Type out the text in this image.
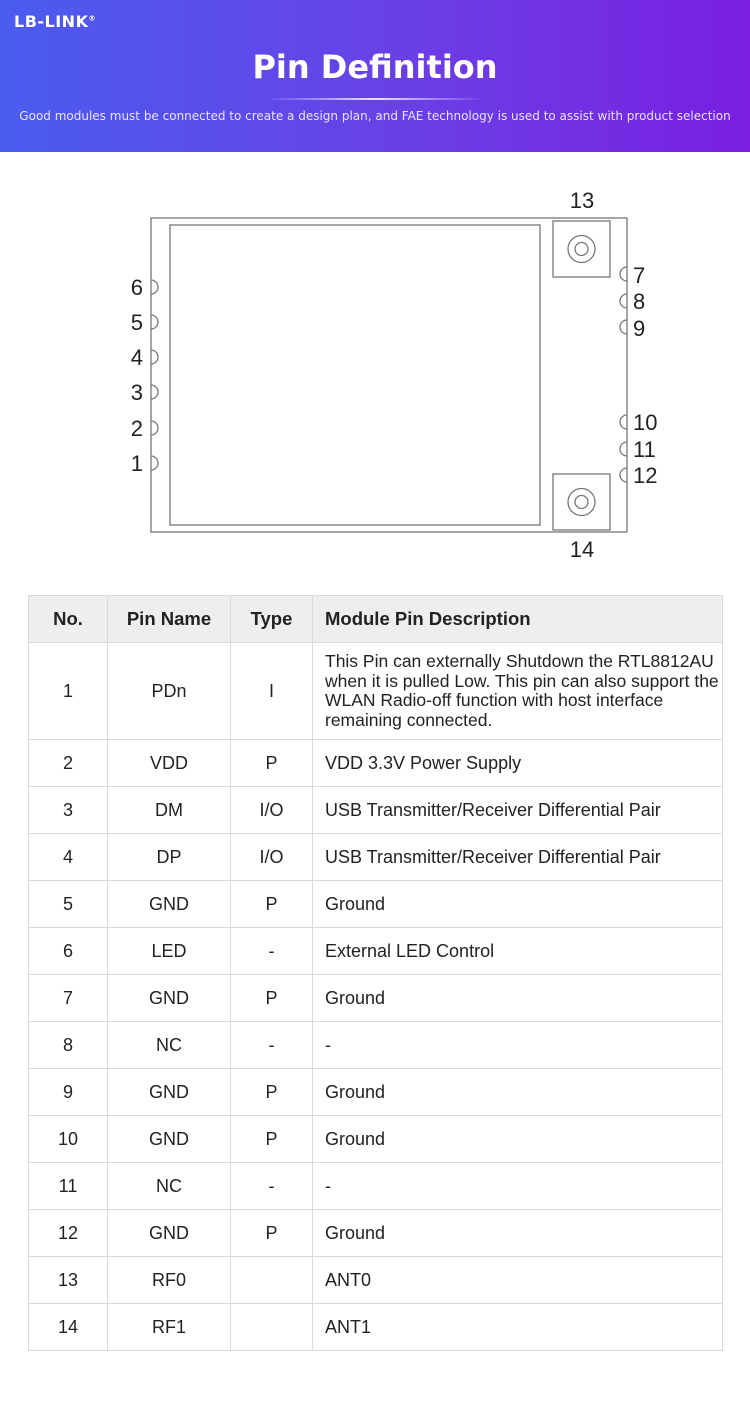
LB-LINK®
Pin Definition
Good modules must be connected to create a design plan, and FAE technology is used to assist with product selection
6
5
4
3
2
1
7
8
9
10
11
12
13
14
No.	Pin Name	Type	Module Pin Description
1	PDn	I	This Pin can externally Shutdown the RTL8812AU when it is pulled Low. This pin can also support the WLAN Radio-off function with host interface remaining connected.
2	VDD	P	VDD 3.3V Power Supply
3	DM	I/O	USB Transmitter/Receiver Differential Pair
4	DP	I/O	USB Transmitter/Receiver Differential Pair
5	GND	P	Ground
6	LED	-	External LED Control
7	GND	P	Ground
8	NC	-	-
9	GND	P	Ground
10	GND	P	Ground
11	NC	-	-
12	GND	P	Ground
13	RF0		ANT0
14	RF1		ANT1
